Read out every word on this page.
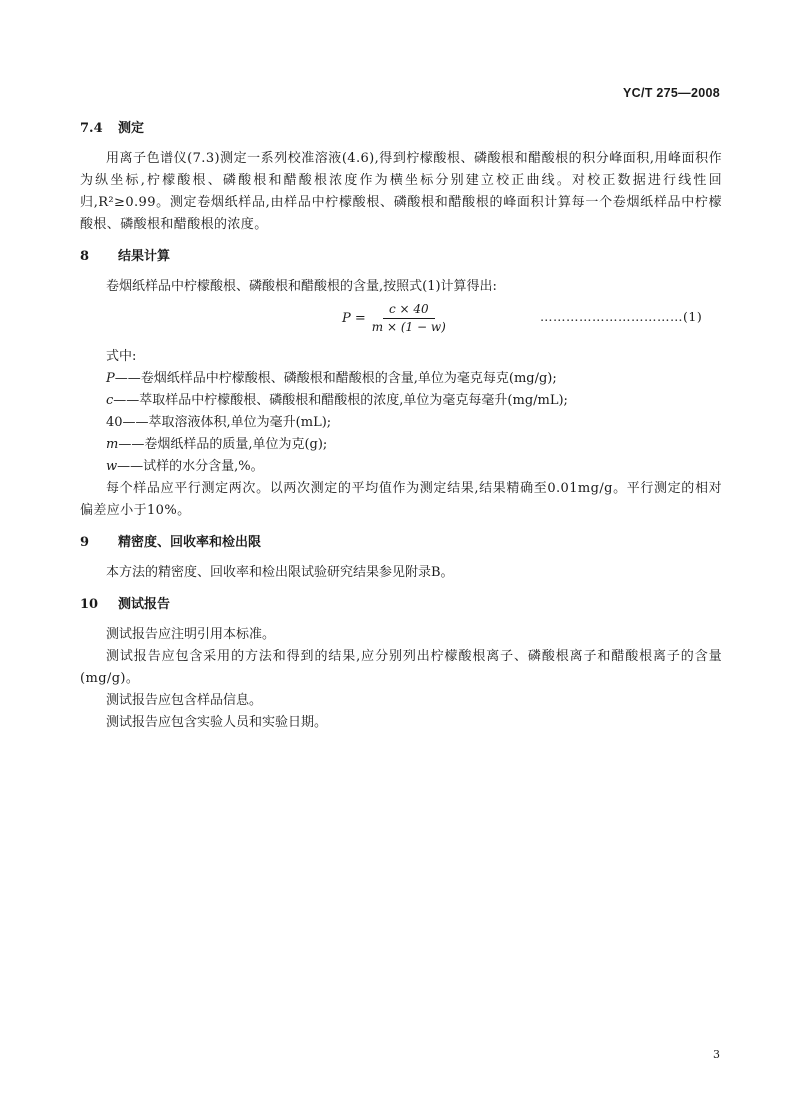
YC/T 275—2008
7.4 测定

用离子色谱仪(7.3)测定一系列校准溶液(4.6),得到柠檬酸根、磷酸根和醋酸根的积分峰面积,用峰面积作为纵坐标,柠檬酸根、磷酸根和醋酸根浓度作为横坐标分别建立校正曲线。对校正数据进行线性回归,R²≥0.99。测定卷烟纸样品,由样品中柠檬酸根、磷酸根和醋酸根的峰面积计算每一个卷烟纸样品中柠檬酸根、磷酸根和醋酸根的浓度。

8 结果计算

卷烟纸样品中柠檬酸根、磷酸根和醋酸根的含量,按照式(1)计算得出:

$P = \frac{c \times 40}{m \times (1 - w)}$	……………………………(1)
式中:
P——卷烟纸样品中柠檬酸根、磷酸根和醋酸根的含量,单位为毫克每克(mg/g);
c——萃取样品中柠檬酸根、磷酸根和醋酸根的浓度,单位为毫克每毫升(mg/mL);
40——萃取溶液体积,单位为毫升(mL);
m——卷烟纸样品的质量,单位为克(g);
w——试样的水分含量,%。

每个样品应平行测定两次。以两次测定的平均值作为测定结果,结果精确至0.01mg/g。平行测定的相对偏差应小于10%。

9 精密度、回收率和检出限

本方法的精密度、回收率和检出限试验研究结果参见附录B。

10 测试报告

测试报告应注明引用本标准。

测试报告应包含采用的方法和得到的结果,应分别列出柠檬酸根离子、磷酸根离子和醋酸根离子的含量(mg/g)。

测试报告应包含样品信息。

测试报告应包含实验人员和实验日期。

3
